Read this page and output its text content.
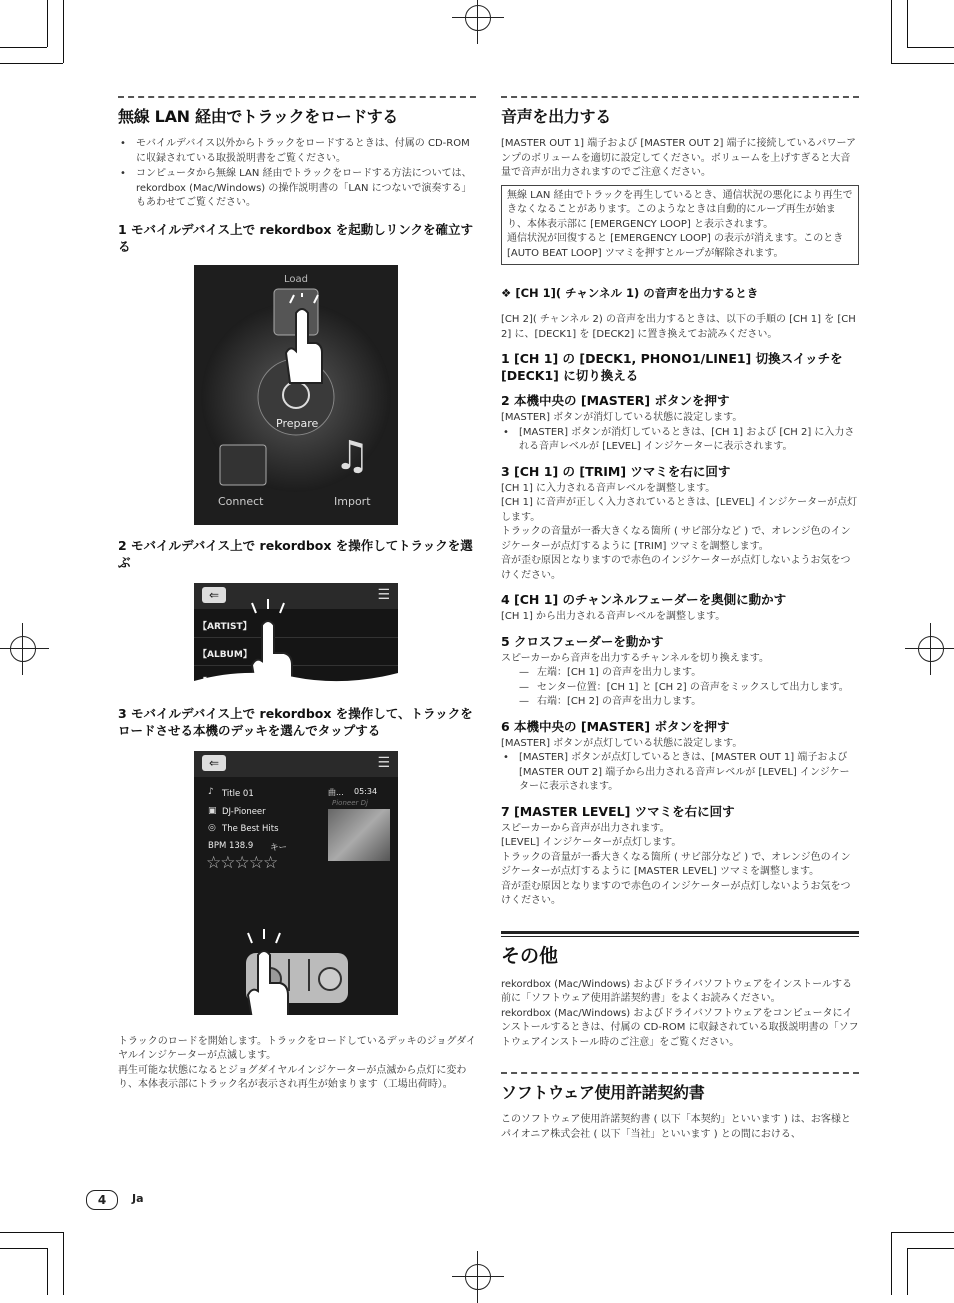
無線 LAN 経由でトラックをロードする
• モバイルデバイス以外からトラックをロードするときは、付属の CD-ROM に収録されている取扱説明書をご覧ください。
• コンピュータから無線 LAN 経由でトラックをロードする方法については、rekordbox (Mac/Windows) の操作説明書の「LAN につないで演奏する」もあわせてご覧ください。
1 モバイルデバイス上で rekordbox を起動しリンクを確立する
Load
Prepare
Connect	Import
♫
2 モバイルデバイス上で rekordbox を操作してトラックを選ぶ
⇐	☰
【ARTIST】
【ALBUM】
3 モバイルデバイス上で rekordbox を操作して、トラックをロードさせる本機のデッキを選んでタップする
⇐	☰
♪ Title 01
▣ DJ-Pioneer
◎ The Best Hits
BPM 138.9 キー
☆☆☆☆☆
曲... 05:34
Pioneer Dj

トラックのロードを開始します。トラックをロードしているデッキのジョグダイヤルインジケーターが点滅します。

再生可能な状態になるとジョグダイヤルインジケーターが点滅から点灯に変わり、本体表示部にトラック名が表示され再生が始まります（工場出荷時）。

音声を出力する

[MASTER OUT 1] 端子および [MASTER OUT 2] 端子に接続しているパワーアンプのボリュームを適切に設定してください。ボリュームを上げすぎると大音量で音声が出力されますのでご注意ください。

無線 LAN 経由でトラックを再生しているとき、通信状況の悪化により再生できなくなることがあります。このようなときは自動的にループ再生が始まり、本体表示部に [EMERGENCY LOOP] と表示されます。

通信状況が回復すると [EMERGENCY LOOP] の表示が消えます。このとき [AUTO BEAT LOOP] ツマミを押すとループが解除されます。

❖ [CH 1]( チャンネル 1) の音声を出力するとき

[CH 2]( チャンネル 2) の音声を出力するときは、以下の手順の [CH 1] を [CH 2] に、[DECK1] を [DECK2] に置き換えてお読みください。

1 [CH 1] の [DECK1, PHONO1/LINE1] 切換スイッチを [DECK1] に切り換える
2 本機中央の [MASTER] ボタンを押す

[MASTER] ボタンが消灯している状態に設定します。

• [MASTER] ボタンが消灯しているときは、[CH 1] および [CH 2] に入力される音声レベルが [LEVEL] インジケーターに表示されます。
3 [CH 1] の [TRIM] ツマミを右に回す

[CH 1] に入力される音声レベルを調整します。

[CH 1] に音声が正しく入力されているときは、[LEVEL] インジケーターが点灯します。

トラックの音量が一番大きくなる箇所 ( サビ部分など ) で、オレンジ色のインジケーターが点灯するように [TRIM] ツマミを調整します。

音が歪む原因となりますので赤色のインジケーターが点灯しないようお気をつけください。

4 [CH 1] のチャンネルフェーダーを奥側に動かす

[CH 1] から出力される音声レベルを調整します。

5 クロスフェーダーを動かす

スピーカーから音声を出力するチャンネルを切り換えます。

— 左端：[CH 1] の音声を出力します。
— センター位置：[CH 1] と [CH 2] の音声をミックスして出力します。
— 右端：[CH 2] の音声を出力します。
6 本機中央の [MASTER] ボタンを押す

[MASTER] ボタンが点灯している状態に設定します。

• [MASTER] ボタンが点灯しているときは、[MASTER OUT 1] 端子および [MASTER OUT 2] 端子から出力される音声レベルが [LEVEL] インジケーターに表示されます。
7 [MASTER LEVEL] ツマミを右に回す

スピーカーから音声が出力されます。

[LEVEL] インジケーターが点灯します。

トラックの音量が一番大きくなる箇所 ( サビ部分など ) で、オレンジ色のインジケーターが点灯するように [MASTER LEVEL] ツマミを調整します。

音が歪む原因となりますので赤色のインジケーターが点灯しないようお気をつけください。

その他

rekordbox (Mac/Windows) およびドライバソフトウェアをインストールする前に「ソフトウェア使用許諾契約書」をよくお読みください。

rekordbox (Mac/Windows) およびドライバソフトウェアをコンピュータにインストールするときは、付属の CD-ROM に収録されている取扱説明書の「ソフトウェアインストール時のご注意」をご覧ください。

ソフトウェア使用許諾契約書

このソフトウェア使用許諾契約書 ( 以下「本契約」といいます ) は、お客様とパイオニア株式会社 ( 以下「当社」といいます ) との間における、

4	Ja
